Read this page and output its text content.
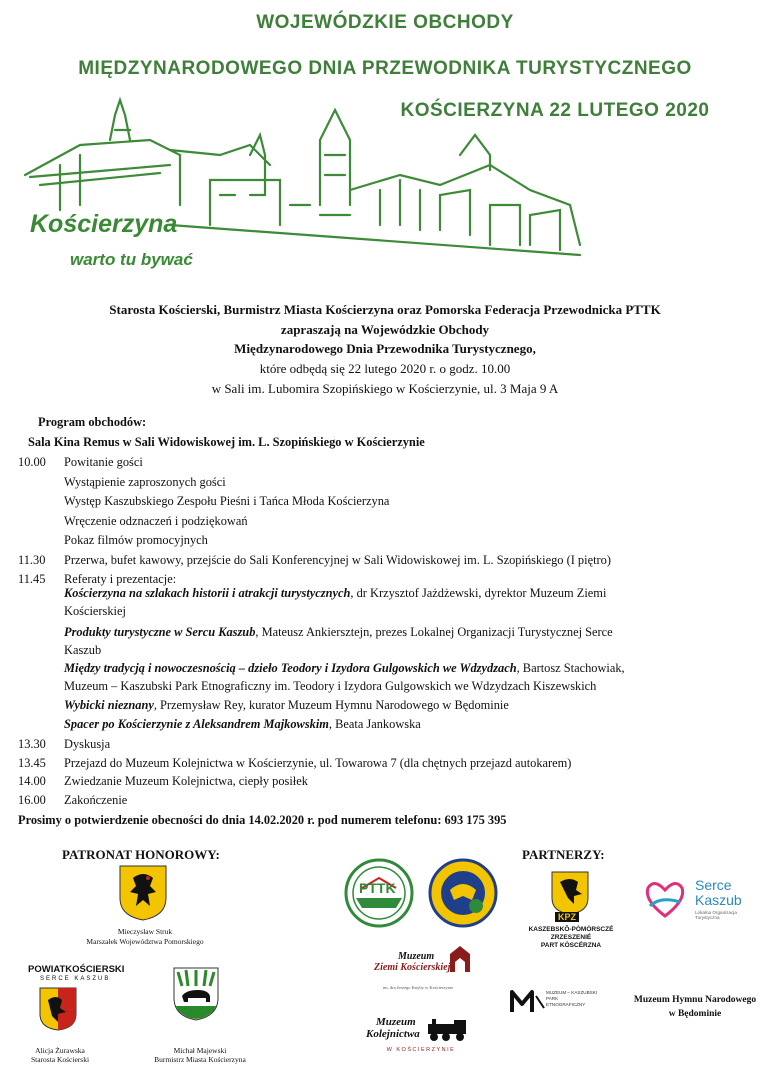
WOJEWÓDZKIE OBCHODY
MIĘDZYNARODOWEGO DNIA PRZEWODNIKA TURYSTYCZNEGO
KOŚCIERZYNA 22 LUTEGO 2020
Kościerzyna
warto tu bywać
Starosta Kościerski, Burmistrz Miasta Kościerzyna oraz Pomorska Federacja Przewodnicka PTTK
zapraszają na Wojewódzkie Obchody
Międzynarodowego Dnia Przewodnika Turystycznego,
które odbędą się 22 lutego 2020 r. o godz. 10.00
w Sali im. Lubomira Szopińskiego w Kościerzynie, ul. 3 Maja 9 A
Program obchodów:
Sala Kina Remus w Sali Widowiskowej im. L. Szopińskiego w Kościerzynie
10.00 Powitanie gości
Wystąpienie zaproszonych gości
Występ Kaszubskiego Zespołu Pieśni i Tańca Młoda Kościerzyna
Wręczenie odznaczeń i podziękowań
Pokaz filmów promocyjnych
11.30 Przerwa, bufet kawowy, przejście do Sali Konferencyjnej w Sali Widowiskowej im. L. Szopińskiego (I piętro)
11.45 Referaty i prezentacje:
Kościerzyna na szlakach historii i atrakcji turystycznych, dr Krzysztof Jażdżewski, dyrektor Muzeum Ziemi
Kościerskiej
Produkty turystyczne w Sercu Kaszub, Mateusz Ankiersztejn, prezes Lokalnej Organizacji Turystycznej Serce
Kaszub
Między tradycją i nowoczesnością – dzieło Teodory i Izydora Gulgowskich we Wdzydzach, Bartosz Stachowiak,
Muzeum – Kaszubski Park Etnograficzny im. Teodory i Izydora Gulgowskich we Wdzydzach Kiszewskich
Wybicki nieznany, Przemysław Rey, kurator Muzeum Hymnu Narodowego w Będominie
Spacer po Kościerzynie z Aleksandrem Majkowskim, Beata Jankowska
13.30 Dyskusja
13.45 Przejazd do Muzeum Kolejnictwa w Kościerzynie, ul. Towarowa 7 (dla chętnych przejazd autokarem)
14.00 Zwiedzanie Muzeum Kolejnictwa, ciepły posiłek
16.00 Zakończenie
Prosimy o potwierdzenie obecności do dnia 14.02.2020 r. pod numerem telefonu: 693 175 395
PATRONAT HONOROWY:
Mieczysław Struk
Marszałek Województwa Pomorskiego
POWIATKOŚCIERSKI
SERCE KASZUB
Alicja Żurawska
Starosta Kościerski
Michał Majewski
Burmistrz Miasta Kościerzyna
PARTNERZY:
PTTK
KPZ
KASZEBSKÔ-PÒMÒRSCZÉ
ZRZESZENIÉ
PART KÒSCÉRZNA
Serce
Kaszub
Lokalna Organizacja Turystyczna
Muzeum
Ziemi Kościerskiej
im. dra Jerzego Knyby w Kościerzynie
MUZEUM – KASZUBSKI
PARK
ETNOGRAFICZNY
Muzeum
Kolejnictwa
W KOŚCIERZYNIE
Muzeum Hymnu Narodowego
w Będominie
